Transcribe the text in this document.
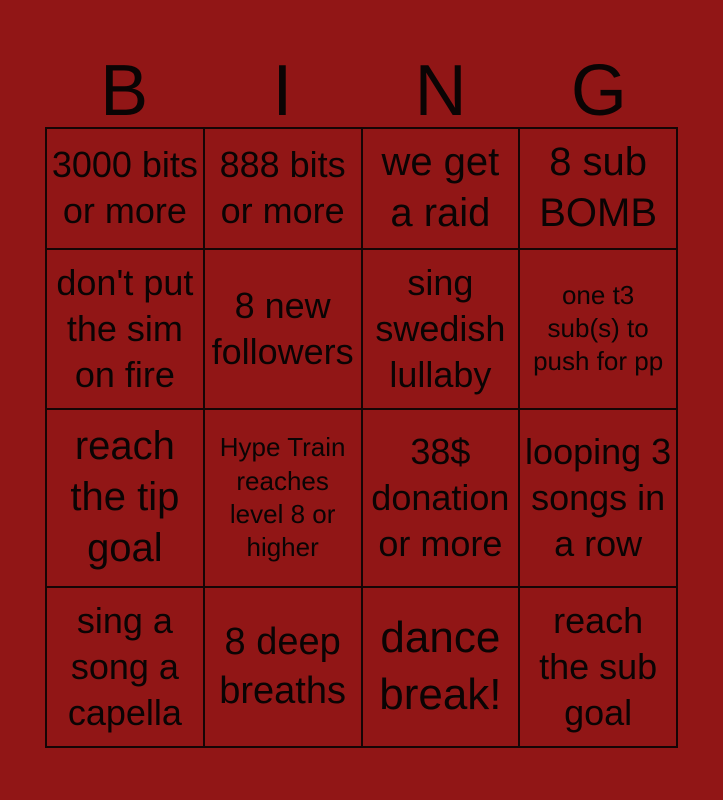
B	I	N	G
3000 bits or more	888 bits or more	we get a raid	8 sub BOMB
don't put the sim on fire	8 new followers	sing swedish lullaby	one t3 sub(s) to push for pp
reach the tip goal	Hype Train reaches level 8 or higher	38$ donation or more	looping 3 songs in a row
sing a song a capella	8 deep breaths	dance break!	reach the sub goal
